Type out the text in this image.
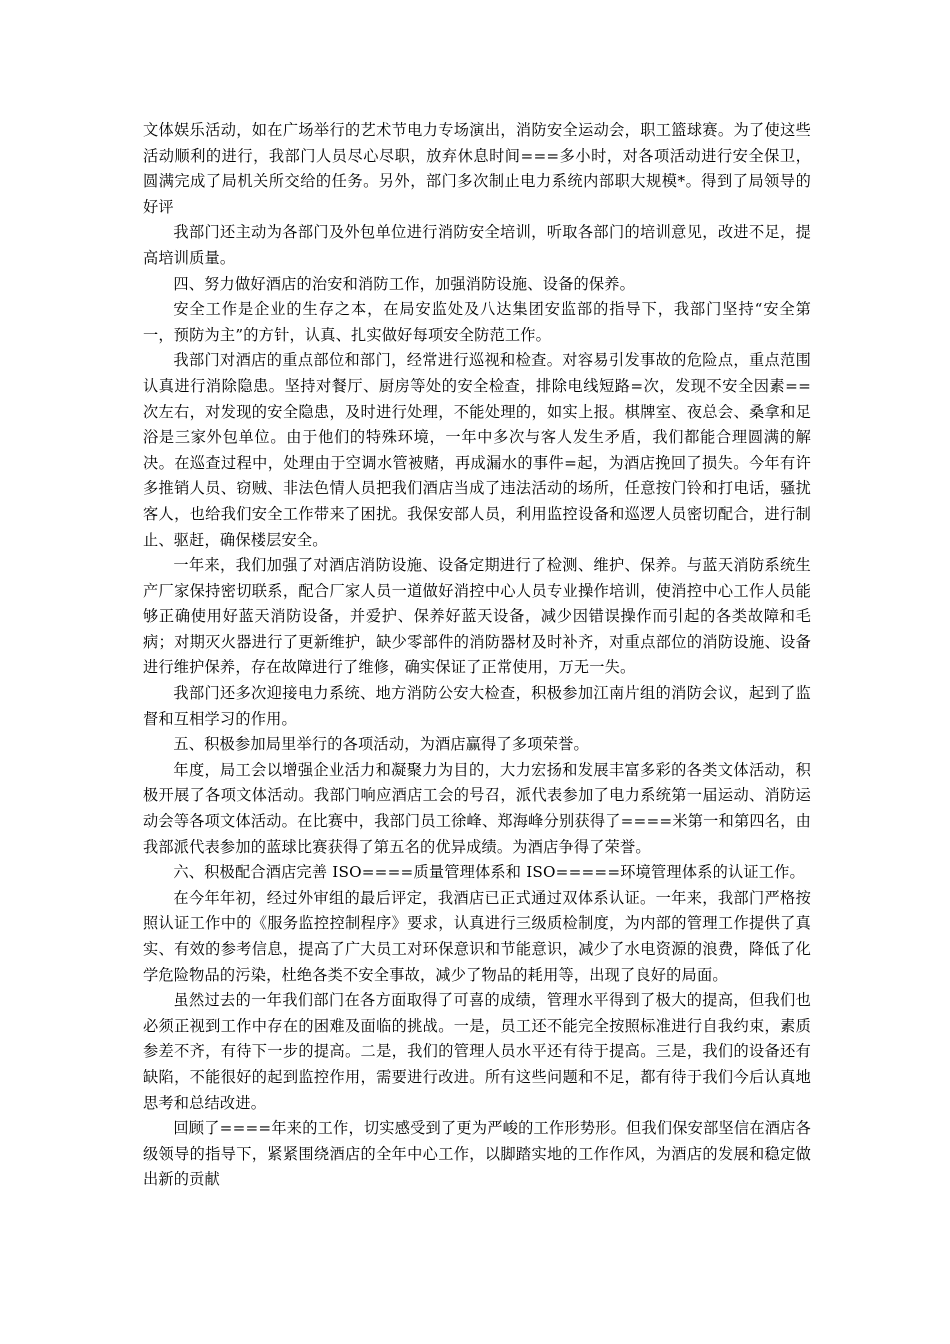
文体娱乐活动，如在广场举行的艺术节电力专场演出，消防安全运动会，职工篮球赛。为了使这些活动顺利的进行，我部门人员尽心尽职，放弃休息时间===多小时，对各项活动进行安全保卫，圆满完成了局机关所交给的任务。另外，部门多次制止电力系统内部职大规模*。得到了局领导的好评

我部门还主动为各部门及外包单位进行消防安全培训，听取各部门的培训意见，改进不足，提高培训质量。

四、努力做好酒店的治安和消防工作，加强消防设施、设备的保养。

安全工作是企业的生存之本，在局安监处及八达集团安监部的指导下，我部门坚持“安全第一，预防为主”的方针，认真、扎实做好每项安全防范工作。

我部门对酒店的重点部位和部门，经常进行巡视和检查。对容易引发事故的危险点，重点范围认真进行消除隐患。坚持对餐厅、厨房等处的安全检查，排除电线短路=次，发现不安全因素==次左右，对发现的安全隐患，及时进行处理，不能处理的，如实上报。棋牌室、夜总会、桑拿和足浴是三家外包单位。由于他们的特殊环境，一年中多次与客人发生矛盾，我们都能合理圆满的解决。在巡查过程中，处理由于空调水管被赌，再成漏水的事件=起，为酒店挽回了损失。今年有许多推销人员、窃贼、非法色情人员把我们酒店当成了违法活动的场所，任意按门铃和打电话，骚扰客人，也给我们安全工作带来了困扰。我保安部人员，利用监控设备和巡逻人员密切配合，进行制止、驱赶，确保楼层安全。

一年来，我们加强了对酒店消防设施、设备定期进行了检测、维护、保养。与蓝天消防系统生产厂家保持密切联系，配合厂家人员一道做好消控中心人员专业操作培训，使消控中心工作人员能够正确使用好蓝天消防设备，并爱护、保养好蓝天设备，减少因错误操作而引起的各类故障和毛病；对期灭火器进行了更新维护，缺少零部件的消防器材及时补齐，对重点部位的消防设施、设备进行维护保养，存在故障进行了维修，确实保证了正常使用，万无一失。

我部门还多次迎接电力系统、地方消防公安大检查，积极参加江南片组的消防会议，起到了监督和互相学习的作用。

五、积极参加局里举行的各项活动，为酒店赢得了多项荣誉。

年度，局工会以增强企业活力和凝聚力为目的，大力宏扬和发展丰富多彩的各类文体活动，积极开展了各项文体活动。我部门响应酒店工会的号召，派代表参加了电力系统第一届运动、消防运动会等各项文体活动。在比赛中，我部门员工徐峰、郑海峰分别获得了====米第一和第四名，由我部派代表参加的蓝球比赛获得了第五名的优异成绩。为酒店争得了荣誉。

六、积极配合酒店完善 ISO====质量管理体系和 ISO=====环境管理体系的认证工作。

在今年年初，经过外审组的最后评定，我酒店已正式通过双体系认证。一年来，我部门严格按照认证工作中的《服务监控控制程序》要求，认真进行三级质检制度，为内部的管理工作提供了真实、有效的参考信息，提高了广大员工对环保意识和节能意识，减少了水电资源的浪费，降低了化学危险物品的污染，杜绝各类不安全事故，减少了物品的耗用等，出现了良好的局面。

虽然过去的一年我们部门在各方面取得了可喜的成绩，管理水平得到了极大的提高，但我们也必须正视到工作中存在的困难及面临的挑战。一是，员工还不能完全按照标准进行自我约束，素质参差不齐，有待下一步的提高。二是，我们的管理人员水平还有待于提高。三是，我们的设备还有缺陷，不能很好的起到监控作用，需要进行改进。所有这些问题和不足，都有待于我们今后认真地思考和总结改进。

回顾了====年来的工作，切实感受到了更为严峻的工作形势形。但我们保安部坚信在酒店各级领导的指导下，紧紧围绕酒店的全年中心工作，以脚踏实地的工作作风，为酒店的发展和稳定做出新的贡献
